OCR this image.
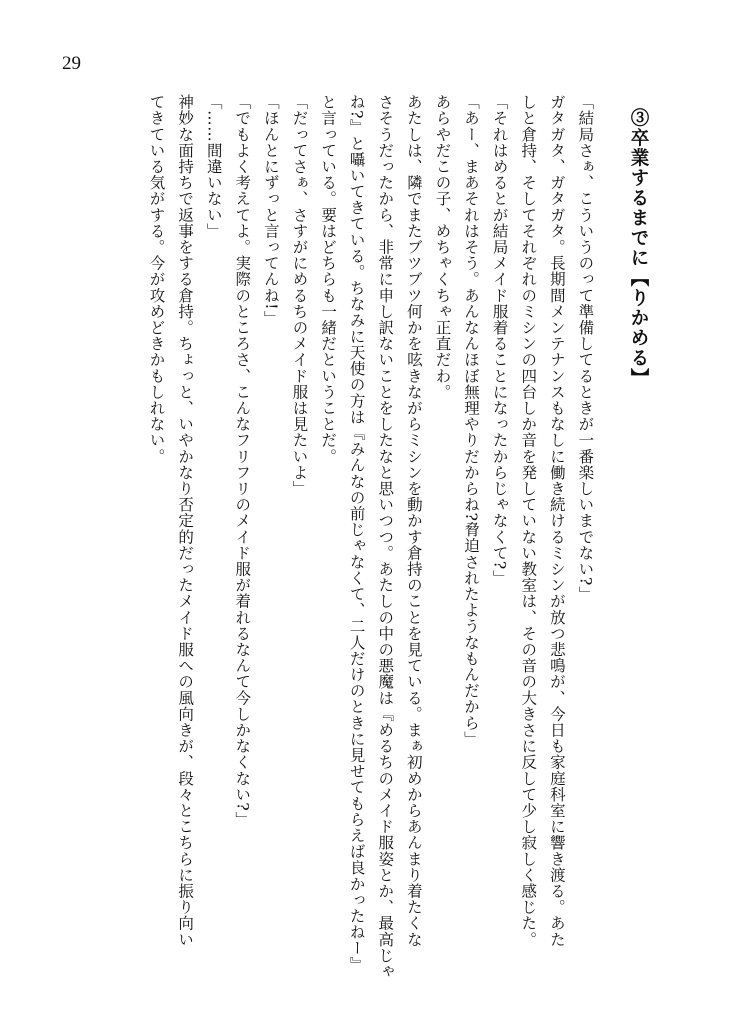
29
③卒業するまでに【りかめる】
「結局さぁ、こういうのって準備してるときが一番楽しいまでない?」
ガタガタ、ガタガタ。長期間メンテナンスもなしに働き続けるミシンが放つ悲鳴が、今日も家庭科室に響き渡る。あた
しと倉持、そしてそれぞれのミシンの四台しか音を発していない教室は、その音の大きさに反して少し寂しく感じた。
「それはめるとが結局メイド服着ることになったからじゃなくて?」
「あー、まあそれはそう。あんなんほぼ無理やりだからね?脅迫されたようなもんだから」
あらやだこの子、めちゃくちゃ正直だわ。
あたしは、隣でまたブツブツ何かを呟きながらミシンを動かす倉持のことを見ている。まぁ初めからあんまり着たくな
さそうだったから、非常に申し訳ないことをしたなと思いつつ。あたしの中の悪魔は『めるちのメイド服姿とか、最高じゃ
ね?』と囁いてきている。ちなみに天使の方は『みんなの前じゃなくて、二人だけのときに見せてもらえば良かったねー』
と言っている。要はどちらも一緒だということだ。
「だってさぁ、さすがにめるちのメイド服は見たいよ」
「ほんとにずっと言ってんね!」
「でもよく考えてよ。実際のところさ、こんなフリフリのメイド服が着れるなんて今しかなくない?」
「……間違いない」
神妙な面持ちで返事をする倉持。ちょっと、いやかなり否定的だったメイド服への風向きが、段々とこちらに振り向い
てきている気がする。今が攻めどきかもしれない。
